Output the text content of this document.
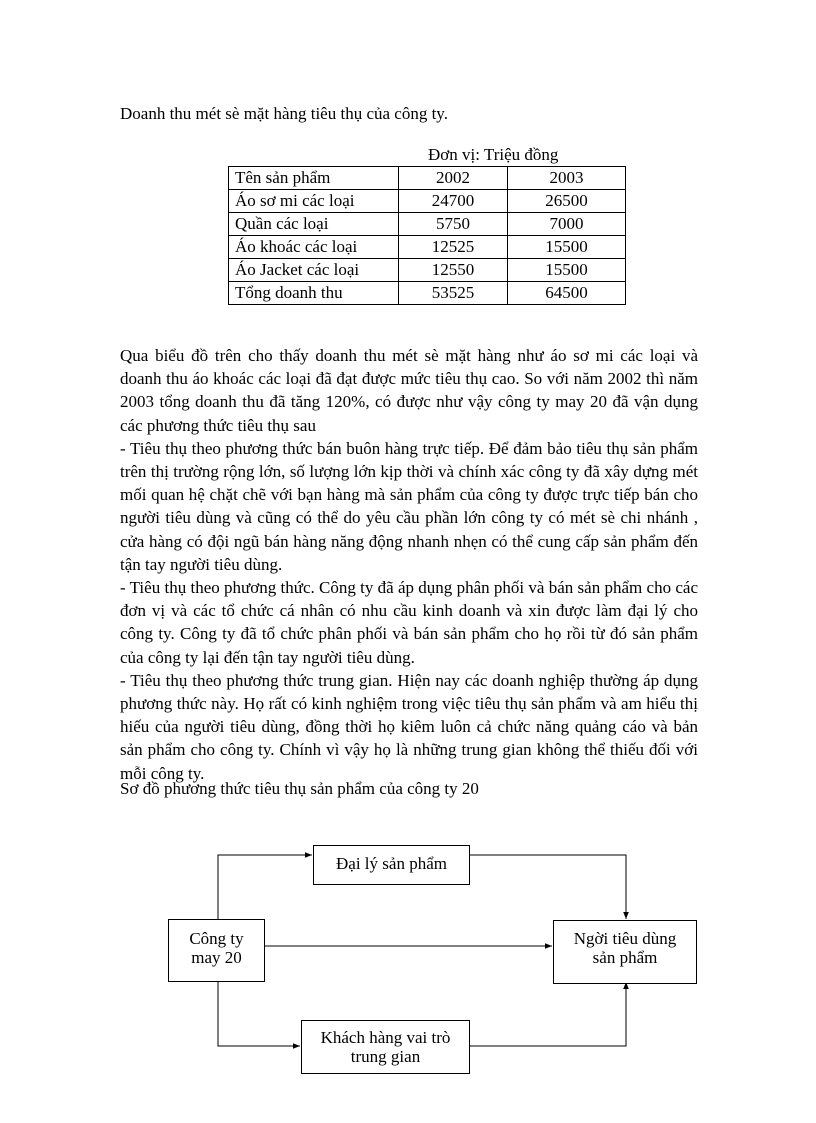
Doanh thu mét sè mặt hàng tiêu thụ của công ty.
Đơn vị: Triệu đồng
Tên sản phẩm	2002	2003
Áo sơ mi các loại	24700	26500
Quần các loại	5750	7000
Áo khoác các loại	12525	15500
Áo Jacket các loại	12550	15500
Tổng doanh thu	53525	64500

Qua biểu đồ trên cho thấy doanh thu mét sè mặt hàng như áo sơ mi các loại và doanh thu áo khoác các loại đã đạt được mức tiêu thụ cao. So với năm 2002 thì năm 2003 tổng doanh thu đã tăng 120%, có được như vậy công ty may 20 đã vận dụng các phương thức tiêu thụ sau

- Tiêu thụ theo phương thức bán buôn hàng trực tiếp. Để đảm bảo tiêu thụ sản phẩm trên thị trường rộng lớn, số lượng lớn kịp thời và chính xác công ty đã xây dựng mét mối quan hệ chặt chẽ với bạn hàng mà sản phẩm của công ty được trực tiếp bán cho người tiêu dùng và cũng có thể do yêu cầu phần lớn công ty có mét sè chi nhánh , cửa hàng có đội ngũ bán hàng năng động nhanh nhẹn có thể cung cấp sản phẩm đến tận tay người tiêu dùng.

- Tiêu thụ theo phương thức. Công ty đã áp dụng phân phối và bán sản phẩm cho các đơn vị và các tổ chức cá nhân có nhu cầu kinh doanh và xin được làm đại lý cho công ty. Công ty đã tổ chức phân phối và bán sản phẩm cho họ rồi từ đó sản phẩm của công ty lại đến tận tay người tiêu dùng.

- Tiêu thụ theo phương thức trung gian. Hiện nay các doanh nghiệp thường áp dụng phương thức này. Họ rất có kinh nghiệm trong việc tiêu thụ sản phẩm và am hiểu thị hiếu của người tiêu dùng, đồng thời họ kiêm luôn cả chức năng quảng cáo và bản sản phẩm cho công ty. Chính vì vậy họ là những trung gian không thể thiếu đối với mỗi công ty.

Sơ đồ phương thức tiêu thụ sản phẩm của công ty 20
Công ty
may 20
Đại lý sản phẩm
Ngời tiêu dùng
sản phẩm
Khách hàng vai trò
trung gian
